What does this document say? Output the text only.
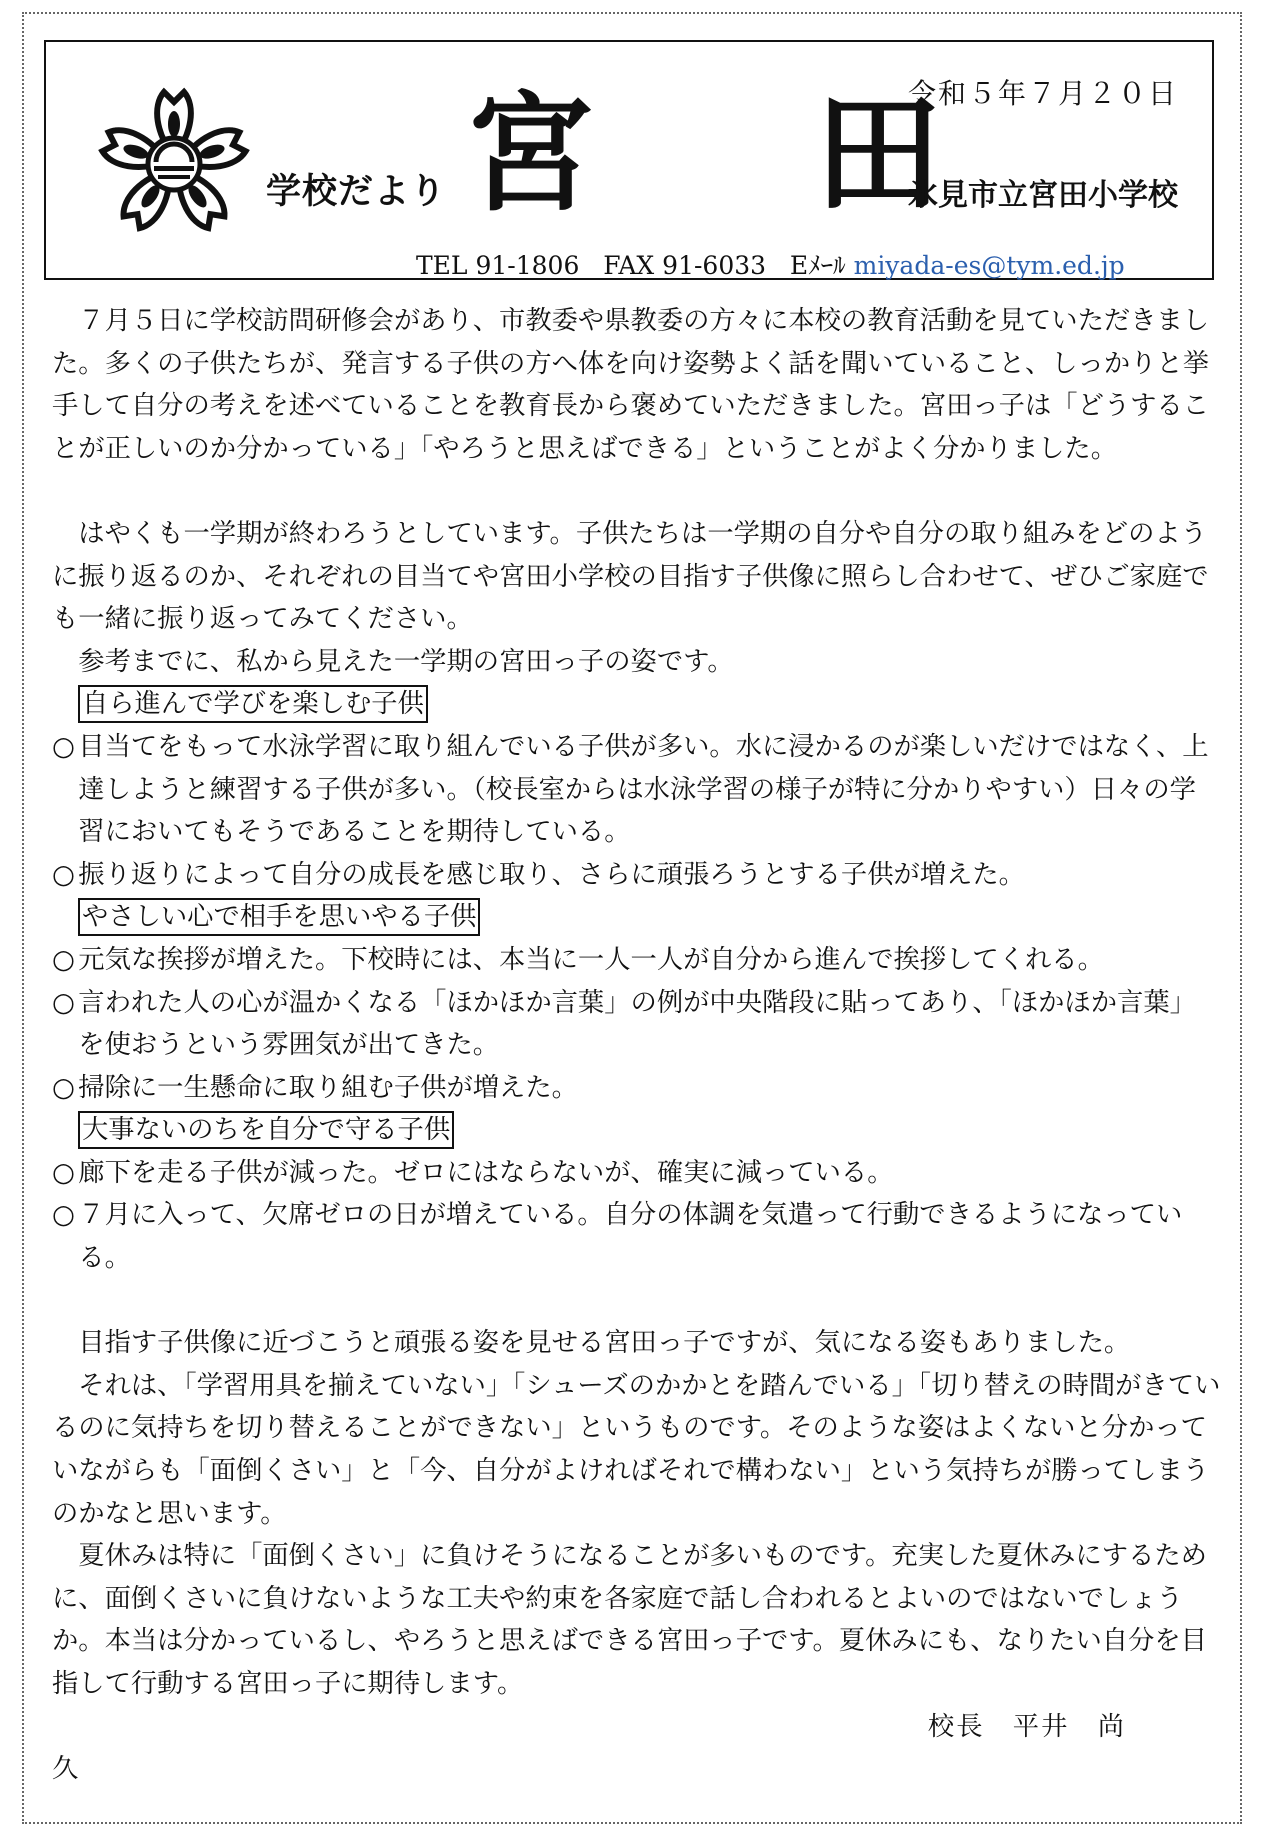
学校だより 宮　田
令和５年７月２０日
氷見市立宮田小学校
TEL 91-1806 FAX 91-6033 Eﾒｰﾙ miyada-es@tym.ed.jp

７月５日に学校訪問研修会があり、市教委や県教委の方々に本校の教育活動を見ていただきました。多くの子供たちが、発言する子供の方へ体を向け姿勢よく話を聞いていること、しっかりと挙手して自分の考えを述べていることを教育長から褒めていただきました。宮田っ子は「どうすることが正しいのか分かっている」「やろうと思えばできる」ということがよく分かりました。

はやくも一学期が終わろうとしています。子供たちは一学期の自分や自分の取り組みをどのように振り返るのか、それぞれの目当てや宮田小学校の目指す子供像に照らし合わせて、ぜひご家庭でも一緒に振り返ってみてください。

参考までに、私から見えた一学期の宮田っ子の姿です。

自ら進んで学びを楽しむ子供
○ 目当てをもって水泳学習に取り組んでいる子供が多い。水に浸かるのが楽しいだけではなく、上達しようと練習する子供が多い。（校長室からは水泳学習の様子が特に分かりやすい）日々の学習においてもそうであることを期待している。
○ 振り返りによって自分の成長を感じ取り、さらに頑張ろうとする子供が増えた。
やさしい心で相手を思いやる子供
○ 元気な挨拶が増えた。下校時には、本当に一人一人が自分から進んで挨拶してくれる。
○ 言われた人の心が温かくなる「ほかほか言葉」の例が中央階段に貼ってあり、「ほかほか言葉」を使おうという雰囲気が出てきた。
○ 掃除に一生懸命に取り組む子供が増えた。
大事ないのちを自分で守る子供
○ 廊下を走る子供が減った。ゼロにはならないが、確実に減っている。
○ ７月に入って、欠席ゼロの日が増えている。自分の体調を気遣って行動できるようになっている。

目指す子供像に近づこうと頑張る姿を見せる宮田っ子ですが、気になる姿もありました。

それは、「学習用具を揃えていない」「シューズのかかとを踏んでいる」「切り替えの時間がきているのに気持ちを切り替えることができない」というものです。そのような姿はよくないと分かっていながらも「面倒くさい」と「今、自分がよければそれで構わない」という気持ちが勝ってしまうのかなと思います。

夏休みは特に「面倒くさい」に負けそうになることが多いものです。充実した夏休みにするために、面倒くさいに負けないような工夫や約束を各家庭で話し合われるとよいのではないでしょうか。本当は分かっているし、やろうと思えばできる宮田っ子です。夏休みにも、なりたい自分を目指して行動する宮田っ子に期待します。

校長　平井　尚

久
